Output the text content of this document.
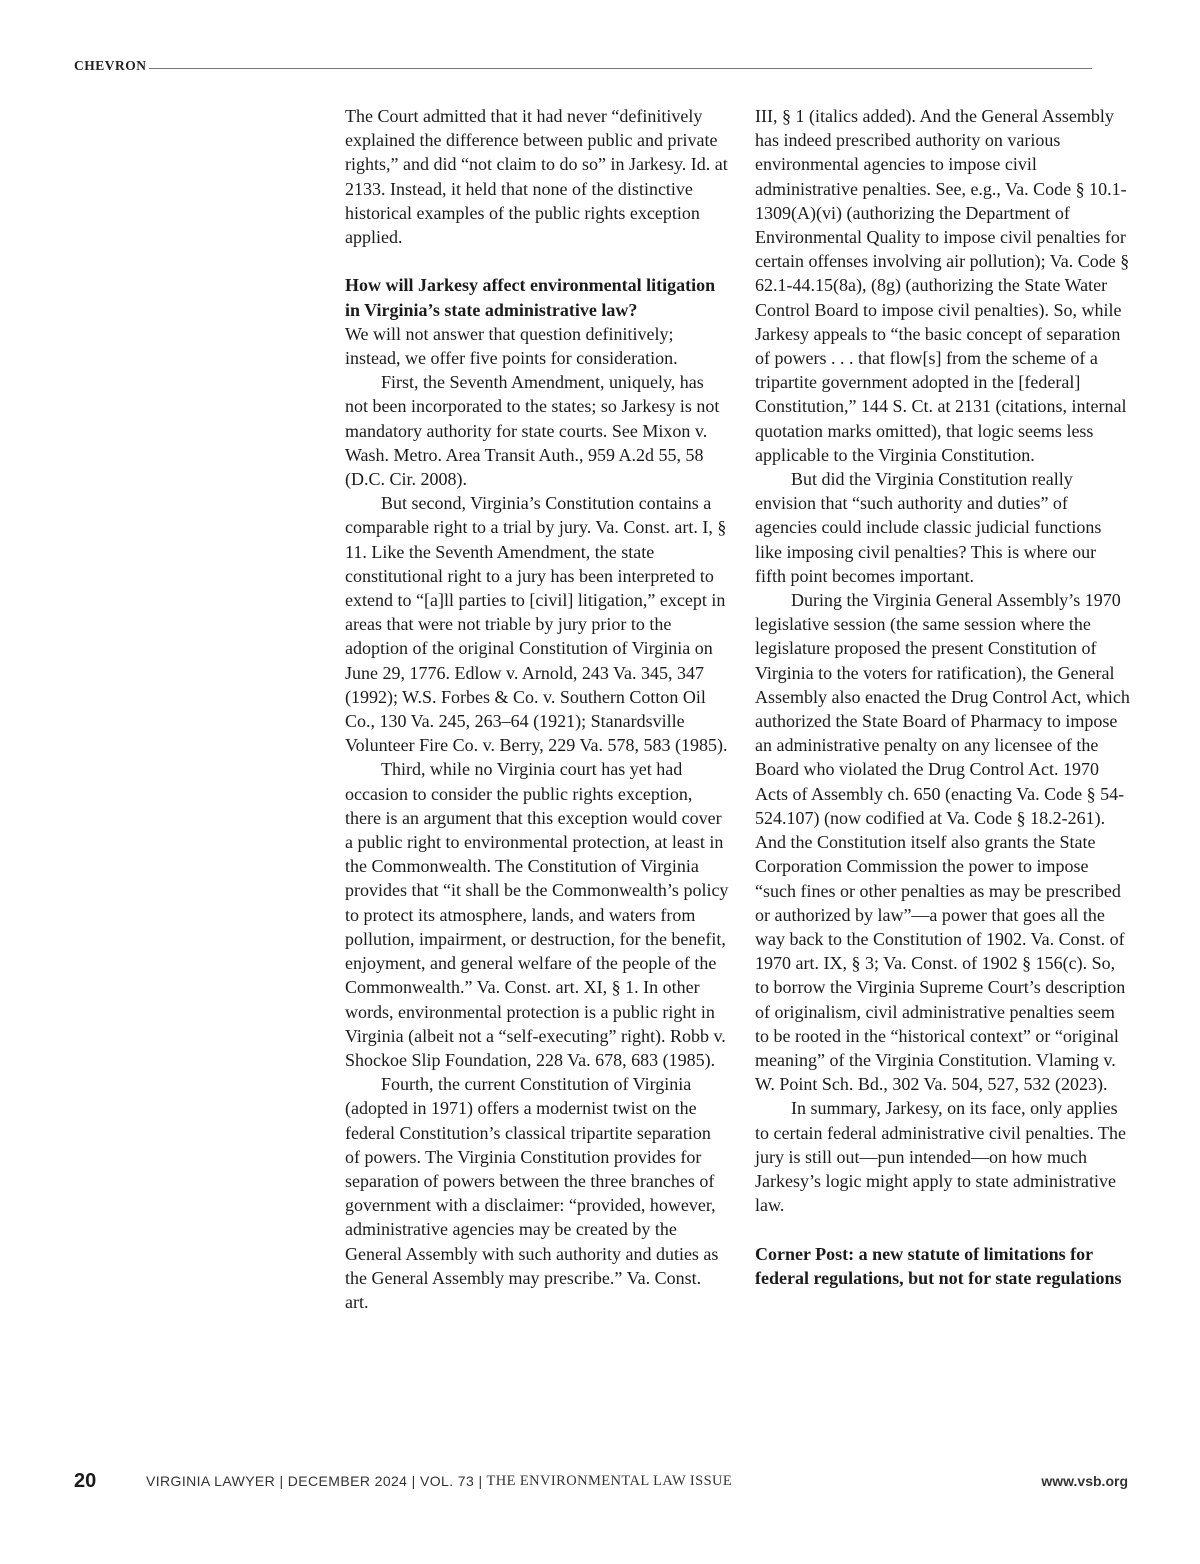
CHEVRON

The Court admitted that it had never “definitively explained the difference between public and private rights,” and did “not claim to do so” in Jarkesy. Id. at 2133. Instead, it held that none of the distinctive historical examples of the public rights exception applied.

How will Jarkesy affect environmental litigation in Virginia’s state administrative law?

We will not answer that question definitively; instead, we offer five points for consideration.

First, the Seventh Amendment, uniquely, has not been incorporated to the states; so Jarkesy is not mandatory authority for state courts. See Mixon v. Wash. Metro. Area Transit Auth., 959 A.2d 55, 58 (D.C. Cir. 2008).

But second, Virginia’s Constitution contains a comparable right to a trial by jury. Va. Const. art. I, § 11. Like the Seventh Amendment, the state constitutional right to a jury has been interpreted to extend to “[a]ll parties to [civil] litigation,” except in areas that were not triable by jury prior to the adoption of the original Constitution of Virginia on June 29, 1776. Edlow v. Arnold, 243 Va. 345, 347 (1992); W.S. Forbes & Co. v. Southern Cotton Oil Co., 130 Va. 245, 263–64 (1921); Stanardsville Volunteer Fire Co. v. Berry, 229 Va. 578, 583 (1985).

Third, while no Virginia court has yet had occasion to consider the public rights exception, there is an argument that this exception would cover a public right to environmental protection, at least in the Commonwealth. The Constitution of Virginia provides that “it shall be the Commonwealth’s policy to protect its atmosphere, lands, and waters from pollution, impairment, or destruction, for the benefit, enjoyment, and general welfare of the people of the Commonwealth.” Va. Const. art. XI, § 1. In other words, environmental protection is a public right in Virginia (albeit not a “self-executing” right). Robb v. Shockoe Slip Foundation, 228 Va. 678, 683 (1985).

Fourth, the current Constitution of Virginia (adopted in 1971) offers a modernist twist on the federal Constitution’s classical tripartite separation of powers. The Virginia Constitution provides for separation of powers between the three branches of government with a disclaimer: “provided, however, administrative agencies may be created by the General Assembly with such authority and duties as the General Assembly may prescribe.” Va. Const. art.

III, § 1 (italics added). And the General Assembly has indeed prescribed authority on various environmental agencies to impose civil administrative penalties. See, e.g., Va. Code § 10.1-1309(A)(vi) (authorizing the Department of Environmental Quality to impose civil penalties for certain offenses involving air pollution); Va. Code § 62.1-44.15(8a), (8g) (authorizing the State Water Control Board to impose civil penalties). So, while Jarkesy appeals to “the basic concept of separation of powers . . . that flow[s] from the scheme of a tripartite government adopted in the [federal] Constitution,” 144 S. Ct. at 2131 (citations, internal quotation marks omitted), that logic seems less applicable to the Virginia Constitution.

But did the Virginia Constitution really envision that “such authority and duties” of agencies could include classic judicial functions like imposing civil penalties? This is where our fifth point becomes important.

During the Virginia General Assembly’s 1970 legislative session (the same session where the legislature proposed the present Constitution of Virginia to the voters for ratification), the General Assembly also enacted the Drug Control Act, which authorized the State Board of Pharmacy to impose an administrative penalty on any licensee of the Board who violated the Drug Control Act. 1970 Acts of Assembly ch. 650 (enacting Va. Code § 54-524.107) (now codified at Va. Code § 18.2-261). And the Constitution itself also grants the State Corporation Commission the power to impose “such fines or other penalties as may be prescribed or authorized by law”—a power that goes all the way back to the Constitution of 1902. Va. Const. of 1970 art. IX, § 3; Va. Const. of 1902 § 156(c). So, to borrow the Virginia Supreme Court’s description of originalism, civil administrative penalties seem to be rooted in the “historical context” or “original meaning” of the Virginia Constitution. Vlaming v. W. Point Sch. Bd., 302 Va. 504, 527, 532 (2023).

In summary, Jarkesy, on its face, only applies to certain federal administrative civil penalties. The jury is still out—pun intended—on how much Jarkesy’s logic might apply to state administrative law.

Corner Post: a new statute of limitations for federal regulations, but not for state regulations
20	VIRGINIA LAWYER | DECEMBER 2024 | VOL. 73 |
THE ENVIRONMENTAL LAW ISSUE	www.vsb.org
